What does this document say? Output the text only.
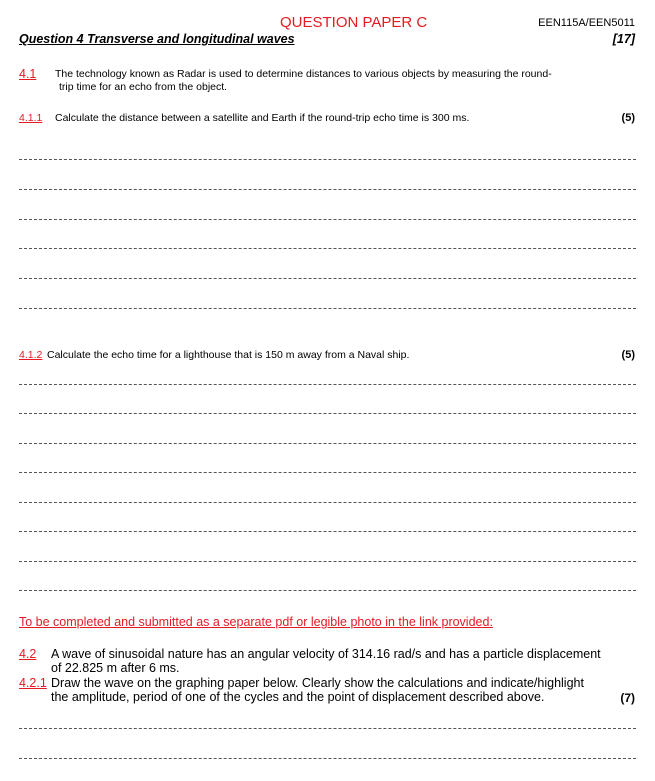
QUESTION PAPER C	EEN115A/EEN5011
Question 4 Transverse and longitudinal waves	[17]
4.1 The technology known as Radar is used to determine distances to various objects by measuring the round-
trip time for an echo from the object.
4.1.1 Calculate the distance between a satellite and Earth if the round-trip echo time is 300 ms.	(5)
4.1.2 Calculate the echo time for a lighthouse that is 150 m away from a Naval ship.	(5)
To be completed and submitted as a separate pdf or legible photo in the link provided:
4.2 A wave of sinusoidal nature has an angular velocity of 314.16 rad/s and has a particle displacement
of 22.825 m after 6 ms.
4.2.1 Draw the wave on the graphing paper below. Clearly show the calculations and indicate/highlight
the amplitude, period of one of the cycles and the point of displacement described above.	(7)
